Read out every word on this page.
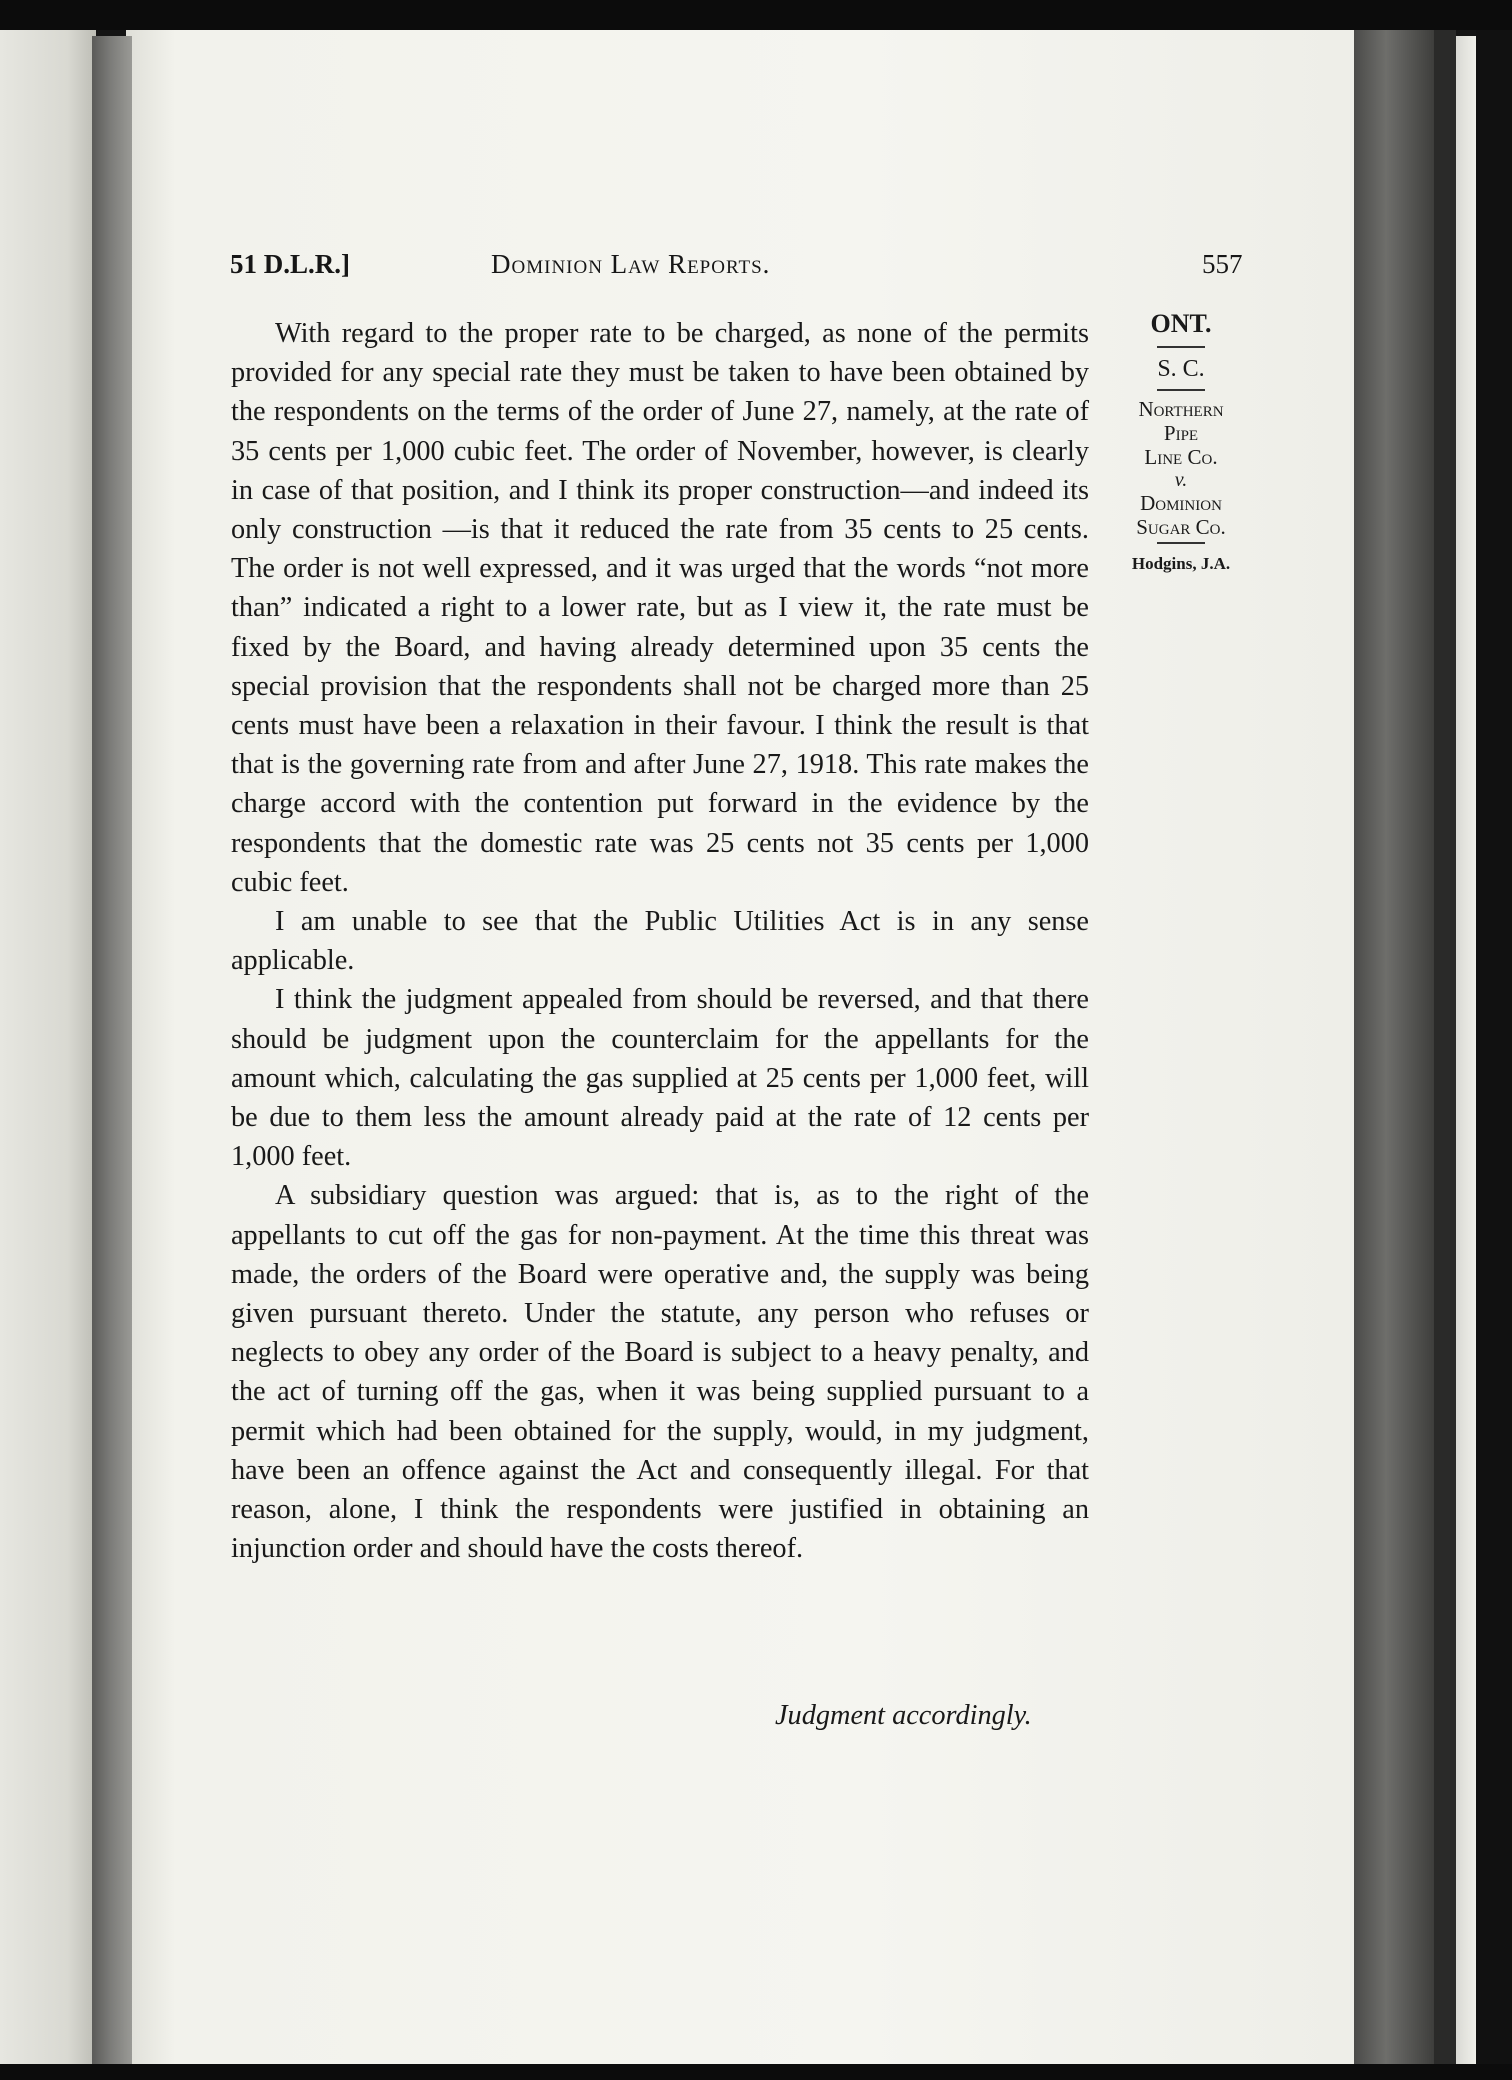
51 D.L.R.]	Dominion Law Reports.	557
ONT.
S. C.
Northern
Pipe
Line Co.
v.
Dominion
Sugar Co.
Hodgins, J.A.

With regard to the proper rate to be charged, as none of the permits provided for any special rate they must be taken to have been obtained by the respondents on the terms of the order of June 27, namely, at the rate of 35 cents per 1,000 cubic feet. The order of November, however, is clearly in case of that position, and I think its proper construction—and indeed its only construction —is that it reduced the rate from 35 cents to 25 cents. The order is not well expressed, and it was urged that the words “not more than” indicated a right to a lower rate, but as I view it, the rate must be fixed by the Board, and having already determined upon 35 cents the special provision that the respondents shall not be charged more than 25 cents must have been a relaxation in their favour. I think the result is that that is the governing rate from and after June 27, 1918. This rate makes the charge accord with the contention put forward in the evidence by the respondents that the domestic rate was 25 cents not 35 cents per 1,000 cubic feet.

I am unable to see that the Public Utilities Act is in any sense applicable.

I think the judgment appealed from should be reversed, and that there should be judgment upon the counterclaim for the appellants for the amount which, calculating the gas supplied at 25 cents per 1,000 feet, will be due to them less the amount already paid at the rate of 12 cents per 1,000 feet.

A subsidiary question was argued: that is, as to the right of the appellants to cut off the gas for non-payment. At the time this threat was made, the orders of the Board were operative and, the supply was being given pursuant thereto. Under the statute, any person who refuses or neglects to obey any order of the Board is subject to a heavy penalty, and the act of turning off the gas, when it was being supplied pursuant to a permit which had been obtained for the supply, would, in my judgment, have been an offence against the Act and consequently illegal. For that reason, alone, I think the respondents were justified in obtaining an injunction order and should have the costs thereof.

Judgment accordingly.
